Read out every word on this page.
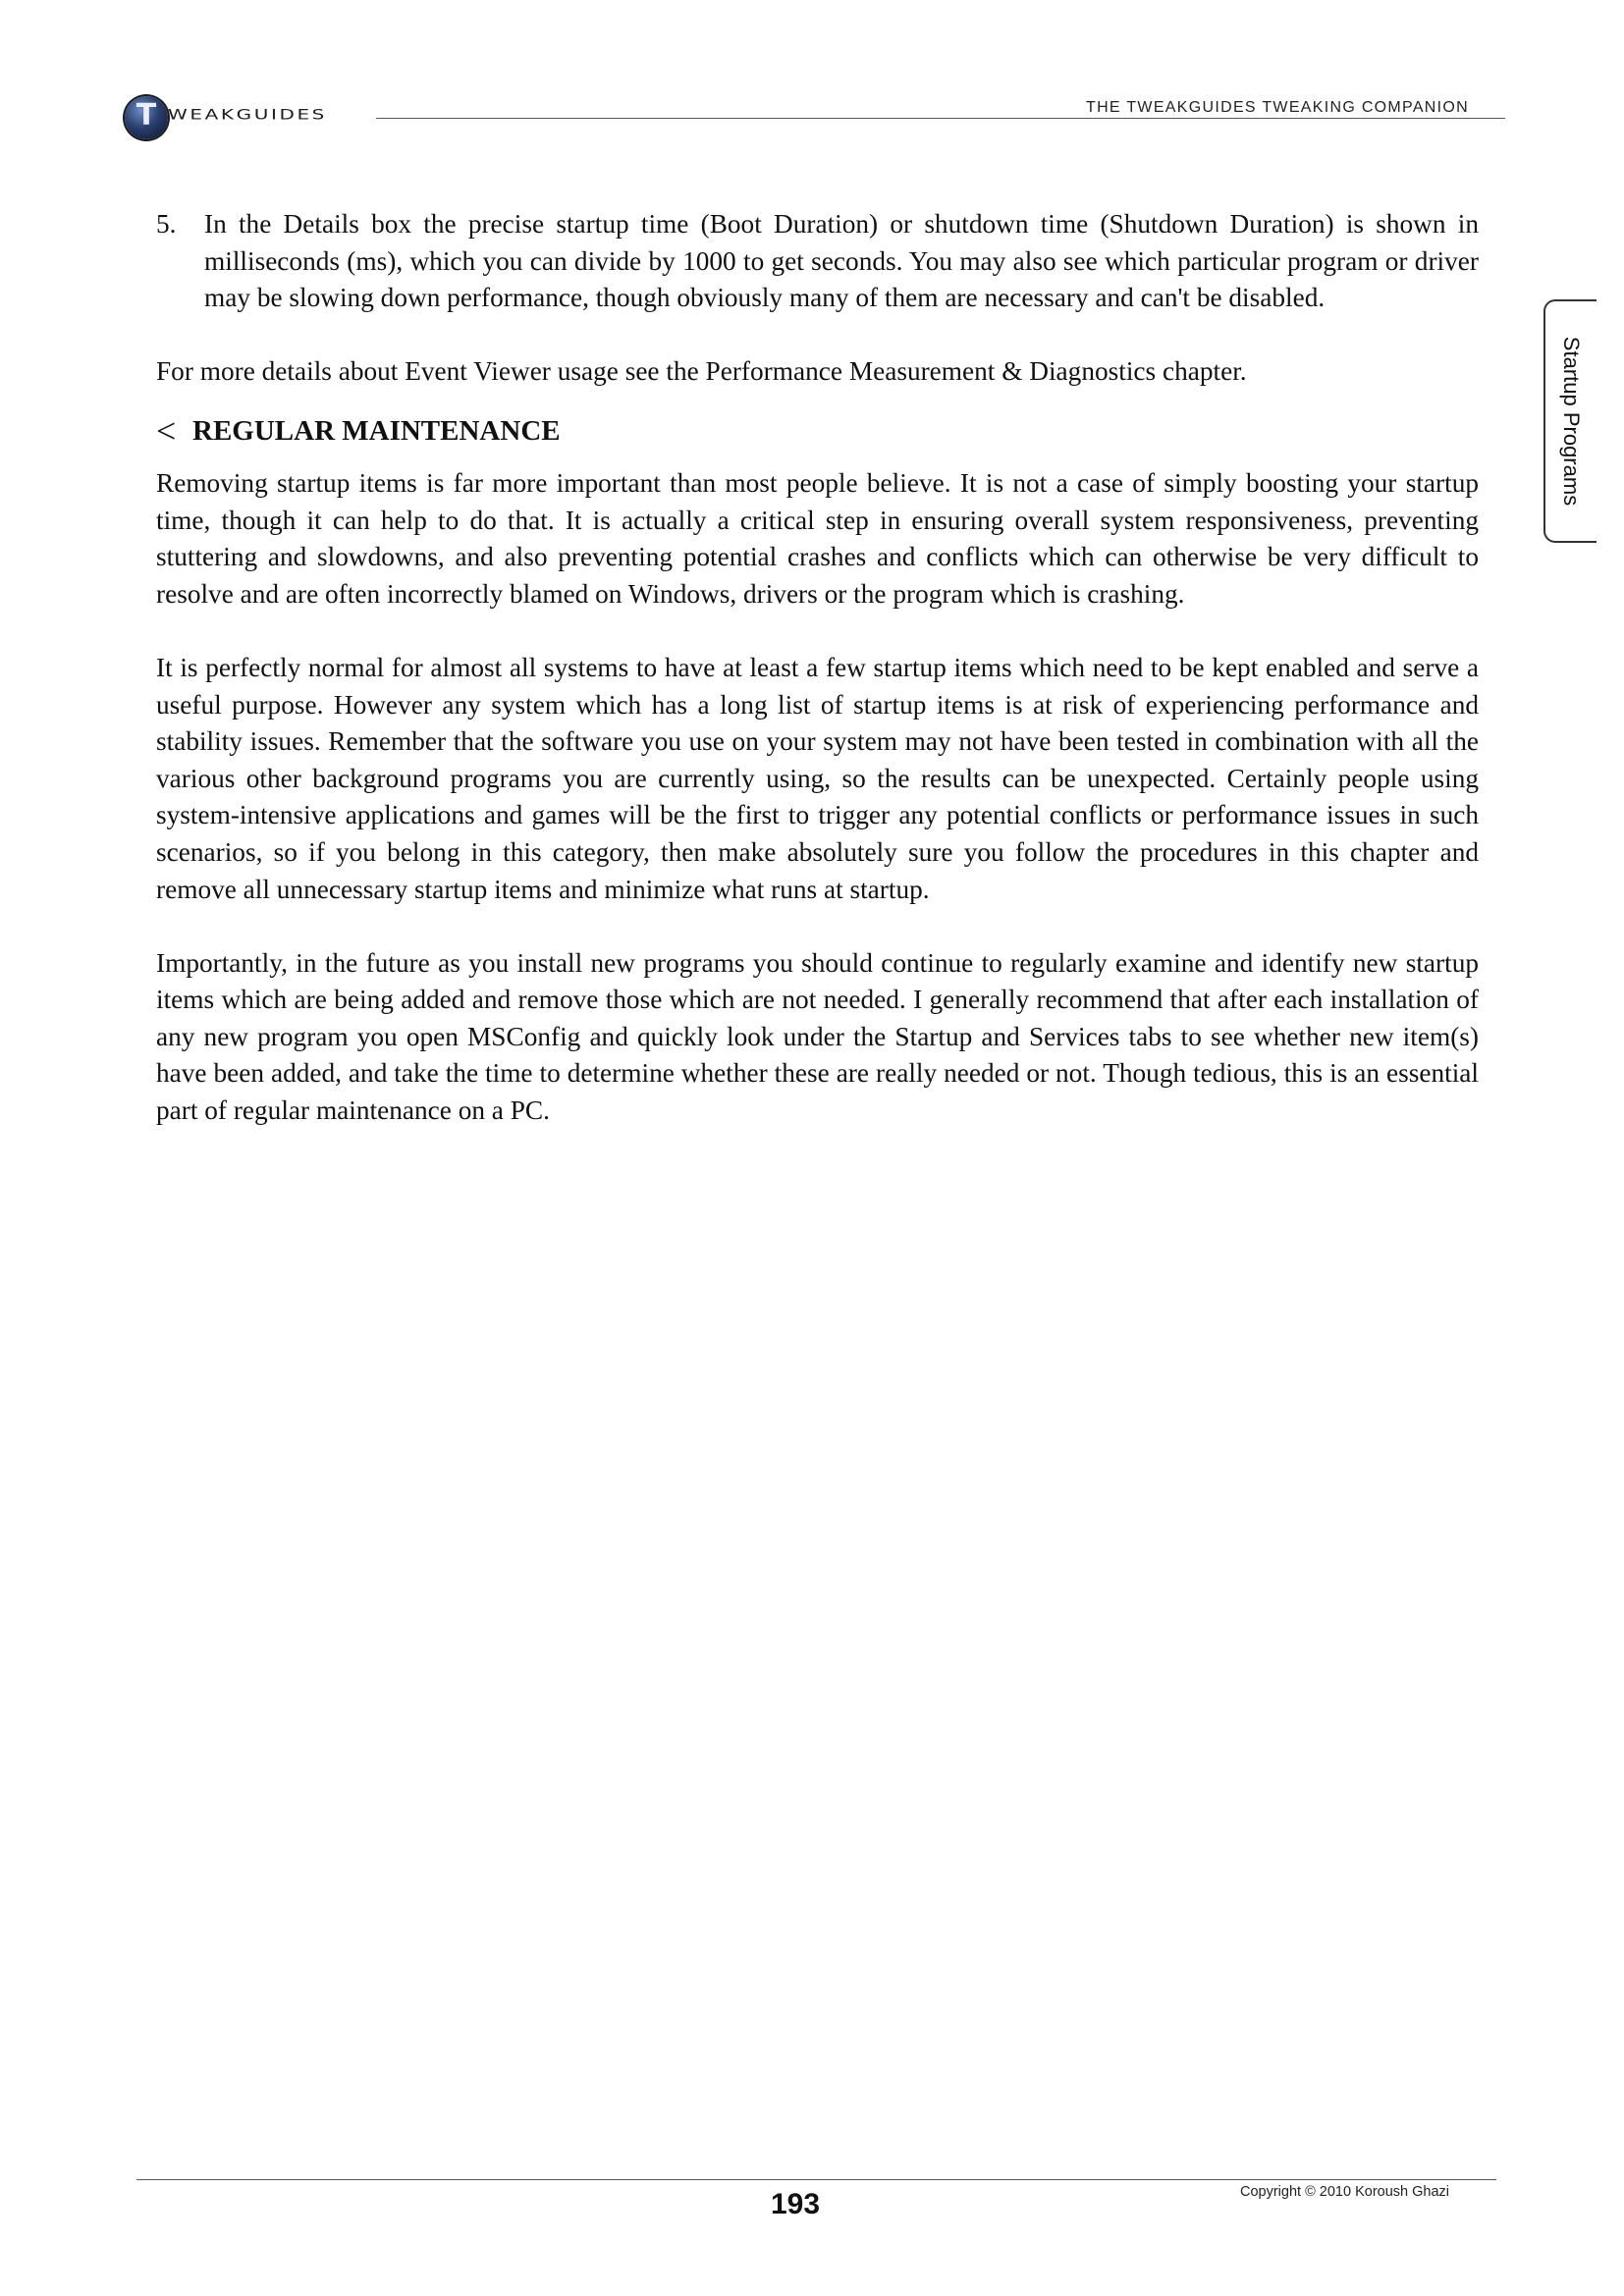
T WEAKGUIDES	THE TWEAKGUIDES TWEAKING COMPANION
Startup Programs
5. In the Details box the precise startup time (Boot Duration) or shutdown time (Shutdown Duration) is shown in milliseconds (ms), which you can divide by 1000 to get seconds. You may also see which particular program or driver may be slowing down performance, though obviously many of them are necessary and can't be disabled.

For more details about Event Viewer usage see the Performance Measurement & Diagnostics chapter.

< REGULAR MAINTENANCE

Removing startup items is far more important than most people believe. It is not a case of simply boosting your startup time, though it can help to do that. It is actually a critical step in ensuring overall system responsiveness, preventing stuttering and slowdowns, and also preventing potential crashes and conflicts which can otherwise be very difficult to resolve and are often incorrectly blamed on Windows, drivers or the program which is crashing.

It is perfectly normal for almost all systems to have at least a few startup items which need to be kept enabled and serve a useful purpose. However any system which has a long list of startup items is at risk of experiencing performance and stability issues. Remember that the software you use on your system may not have been tested in combination with all the various other background programs you are currently using, so the results can be unexpected. Certainly people using system-intensive applications and games will be the first to trigger any potential conflicts or performance issues in such scenarios, so if you belong in this category, then make absolutely sure you follow the procedures in this chapter and remove all unnecessary startup items and minimize what runs at startup.

Importantly, in the future as you install new programs you should continue to regularly examine and identify new startup items which are being added and remove those which are not needed. I generally recommend that after each installation of any new program you open MSConfig and quickly look under the Startup and Services tabs to see whether new item(s) have been added, and take the time to determine whether these are really needed or not. Though tedious, this is an essential part of regular maintenance on a PC.

193	Copyright © 2010 Koroush Ghazi
